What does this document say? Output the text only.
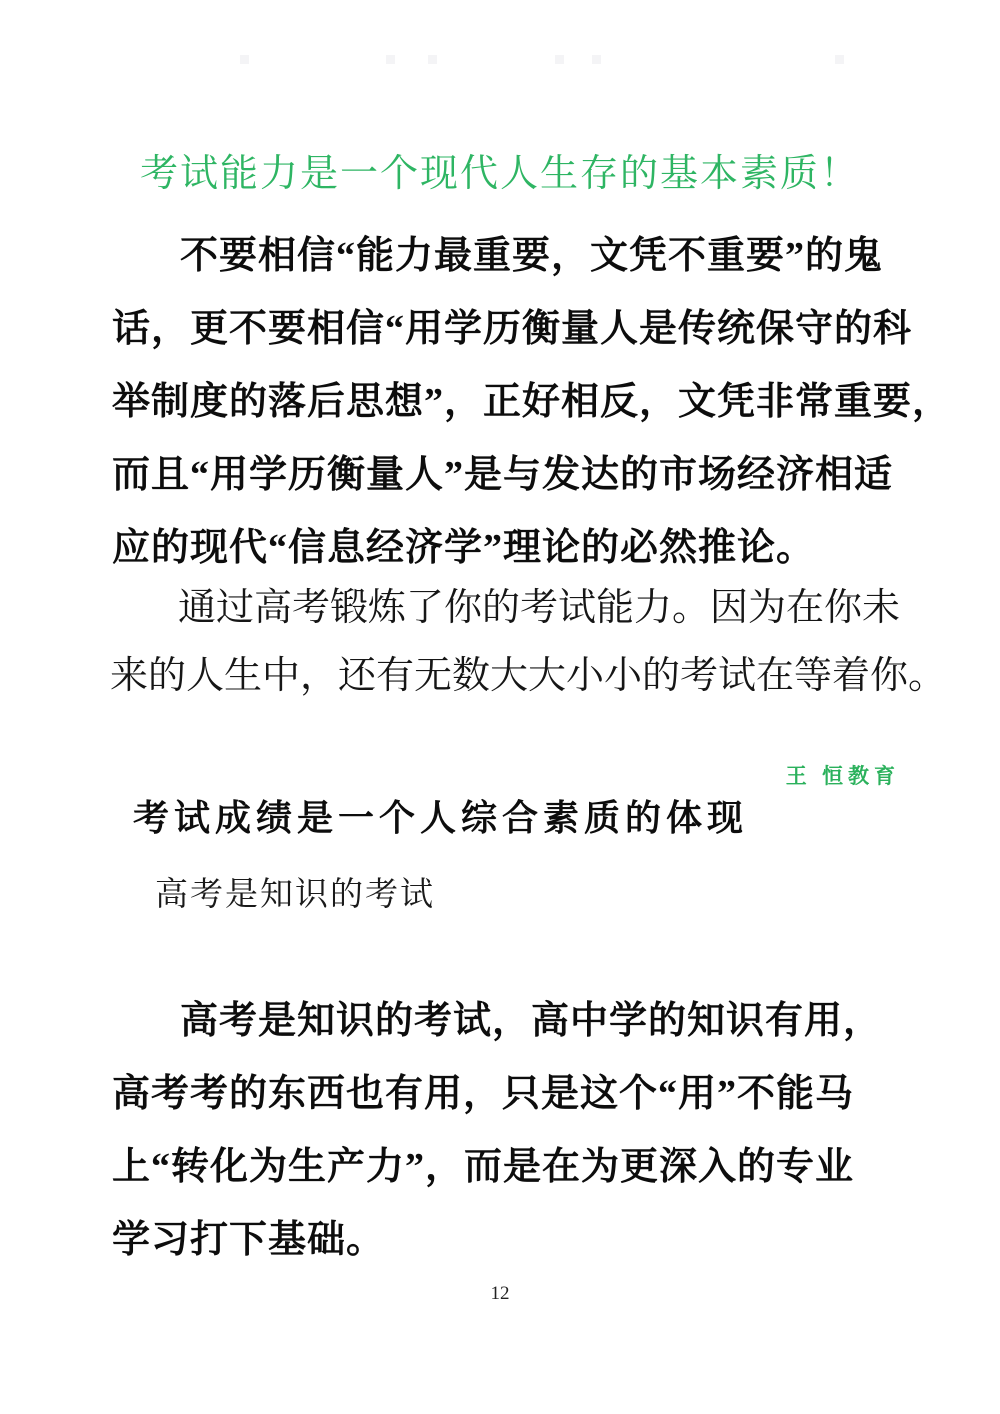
考试能力是一个现代人生存的基本素质！
不要相信“能力最重要，文凭不重要”的鬼
话，更不要相信“用学历衡量人是传统保守的科
举制度的落后思想”，正好相反，文凭非常重要，
而且“用学历衡量人”是与发达的市场经济相适
应的现代“信息经济学”理论的必然推论。
通过高考锻炼了你的考试能力。因为在你未
来的人生中，还有无数大大小小的考试在等着你。
王 恒教育
考试成绩是一个人综合素质的体现
高考是知识的考试
高考是知识的考试，高中学的知识有用，
高考考的东西也有用，只是这个“用”不能马
上“转化为生产力”，而是在为更深入的专业
学习打下基础。
12
